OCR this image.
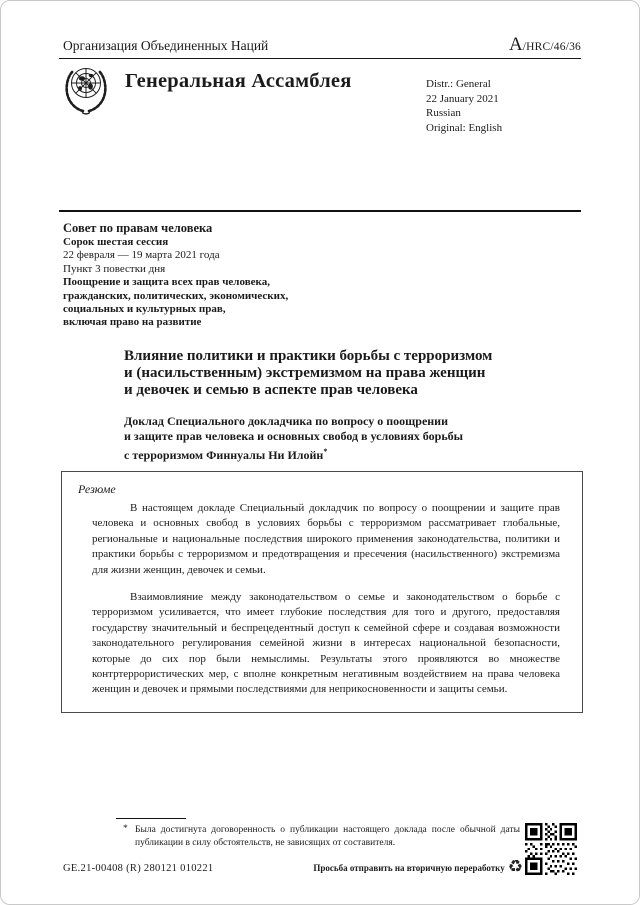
Организация Объединенных Наций	A/HRC/46/36
Генеральная Ассамблея	Distr.: General
22 January 2021
Russian
Original: English
Совет по правам человека
Сорок шестая сессия
22 февраля — 19 марта 2021 года
Пункт 3 повестки дня
Поощрение и защита всех прав человека,
гражданских, политических, экономических,
социальных и культурных прав,
включая право на развитие
Влияние политики и практики борьбы с терроризмом
и (насильственным) экстремизмом на права женщин
и девочек и семью в аспекте прав человека
Доклад Специального докладчика по вопросу о поощрении
и защите прав человека и основных свобод в условиях борьбы
с терроризмом Финнуалы Ни Илойн*
Резюме

В настоящем докладе Специальный докладчик по вопросу о поощрении и защите прав человека и основных свобод в условиях борьбы с терроризмом рассматривает глобальные, региональные и национальные последствия широкого применения законодательства, политики и практики борьбы с терроризмом и предотвращения и пресечения (насильственного) экстремизма для жизни женщин, девочек и семьи.

Взаимовлияние между законодательством о семье и законодательством о борьбе с терроризмом усиливается, что имеет глубокие последствия для того и другого, предоставляя государству значительный и беспрецедентный доступ к семейной сфере и создавая возможности законодательного регулирования семейной жизни в интересах национальной безопасности, которые до сих пор были немыслимы. Результаты этого проявляются во множестве контртеррористических мер, с вполне конкретным негативным воздействием на права человека женщин и девочек и прямыми последствиями для неприкосновенности и защиты семьи.

* Была достигнута договоренность о публикации настоящего доклада после обычной даты публикации в силу обстоятельств, не зависящих от составителя.
GE.21-00408 (R) 280121 010221	Просьба отправить на вторичную переработку ♻
